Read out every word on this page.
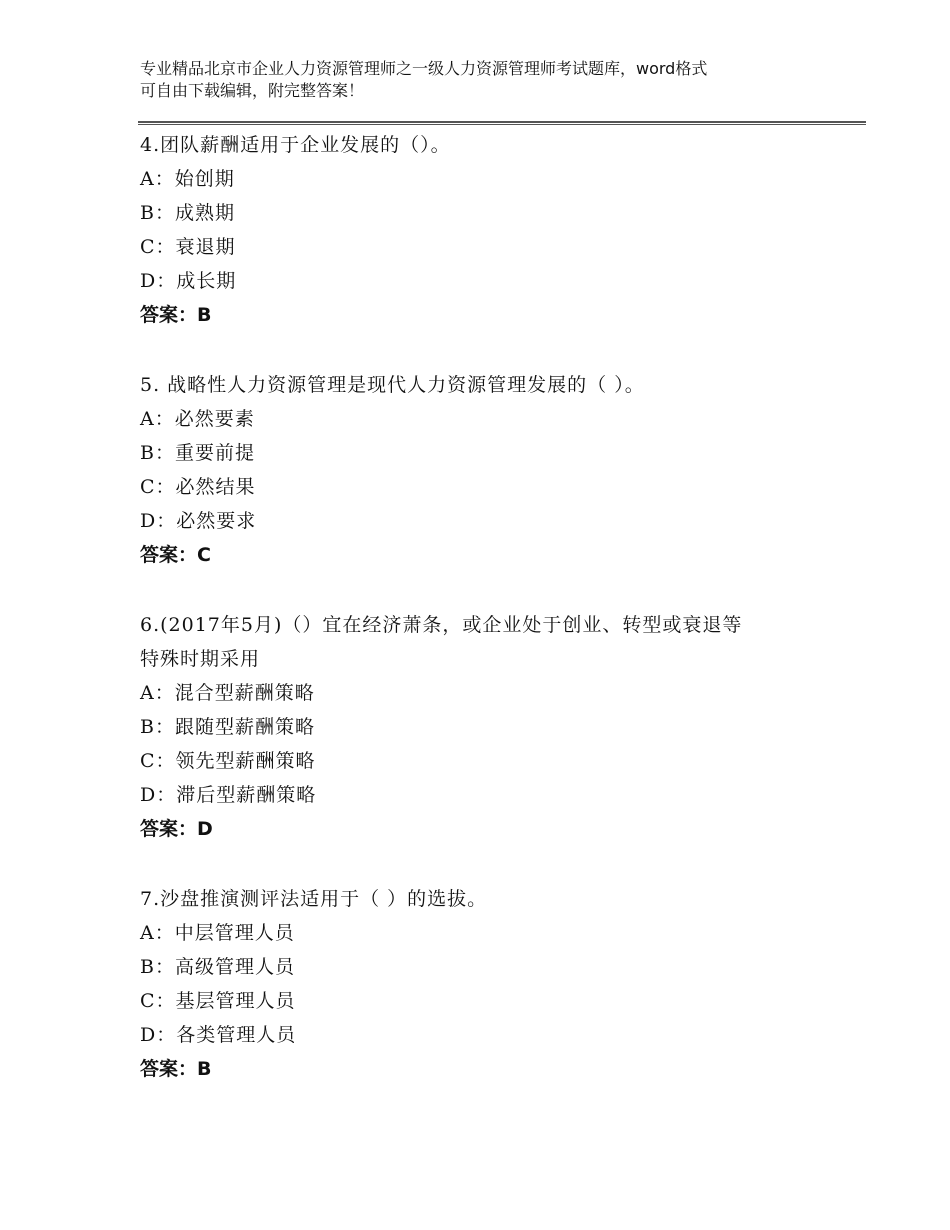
专业精品北京市企业人力资源管理师之一级人力资源管理师考试题库，word格式
可自由下载编辑，附完整答案！
4.团队薪酬适用于企业发展的（）。
A：始创期
B：成熟期
C：衰退期
D：成长期
答案：B
5. 战略性人力资源管理是现代人力资源管理发展的（ ）。
A：必然要素
B：重要前提
C：必然结果
D：必然要求
答案：C
6.(2017年5月)（）宜在经济萧条，或企业处于创业、转型或衰退等
特殊时期采用
A：混合型薪酬策略
B：跟随型薪酬策略
C：领先型薪酬策略
D：滞后型薪酬策略
答案：D
7.沙盘推演测评法适用于（ ）的选拔。
A：中层管理人员
B：高级管理人员
C：基层管理人员
D：各类管理人员
答案：B
